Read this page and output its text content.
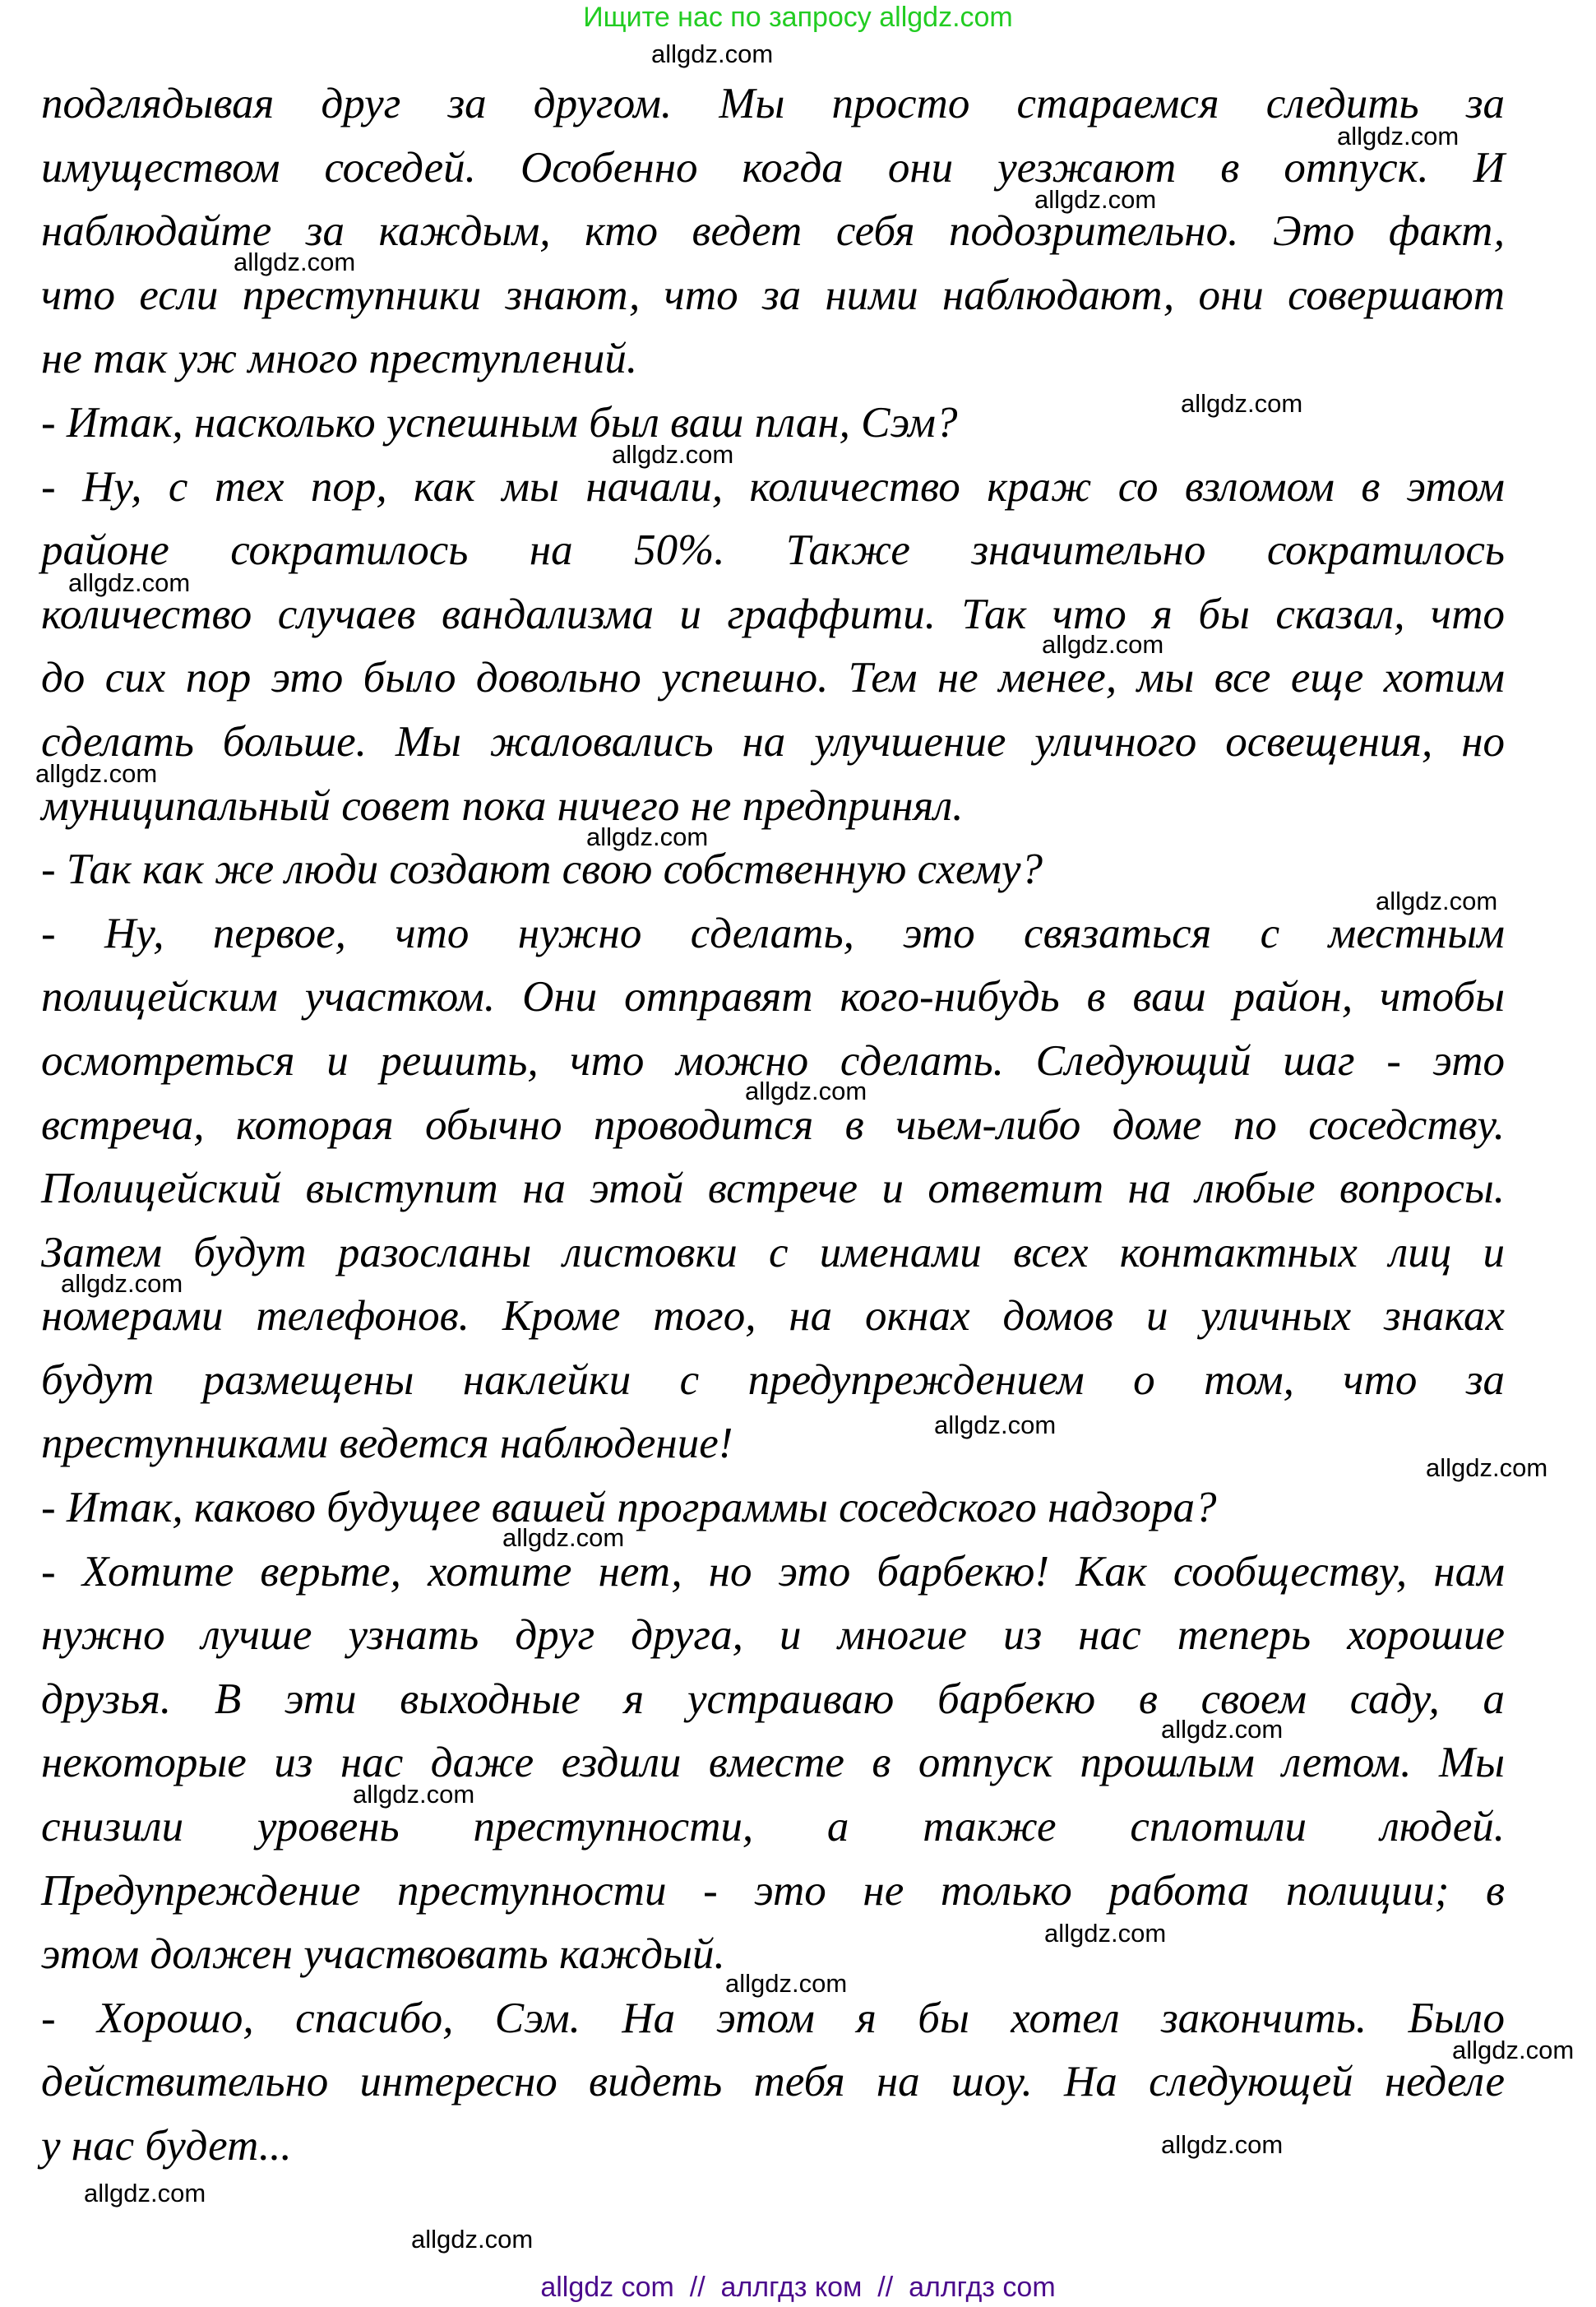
Ищите нас по запросу allgdz.com
подглядывая друг за другом. Мы просто стараемся следить за
имуществом соседей. Особенно когда они уезжают в отпуск. И
наблюдайте за каждым, кто ведет себя подозрительно. Это факт,
что если преступники знают, что за ними наблюдают, они совершают
не так уж много преступлений.
- Итак, насколько успешным был ваш план, Сэм?
- Ну, с тех пор, как мы начали, количество краж со взломом в этом
районе сократилось на 50%. Также значительно сократилось
количество случаев вандализма и граффити. Так что я бы сказал, что
до сих пор это было довольно успешно. Тем не менее, мы все еще хотим
сделать больше. Мы жаловались на улучшение уличного освещения, но
муниципальный совет пока ничего не предпринял.
- Так как же люди создают свою собственную схему?
- Ну, первое, что нужно сделать, это связаться с местным
полицейским участком. Они отправят кого-нибудь в ваш район, чтобы
осмотреться и решить, что можно сделать. Следующий шаг - это
встреча, которая обычно проводится в чьем-либо доме по соседству.
Полицейский выступит на этой встрече и ответит на любые вопросы.
Затем будут разосланы листовки с именами всех контактных лиц и
номерами телефонов. Кроме того, на окнах домов и уличных знаках
будут размещены наклейки с предупреждением о том, что за
преступниками ведется наблюдение!
- Итак, каково будущее вашей программы соседского надзора?
- Хотите верьте, хотите нет, но это барбекю! Как сообществу, нам
нужно лучше узнать друг друга, и многие из нас теперь хорошие
друзья. В эти выходные я устраиваю барбекю в своем саду, а
некоторые из нас даже ездили вместе в отпуск прошлым летом. Мы
снизили уровень преступности, а также сплотили людей.
Предупреждение преступности - это не только работа полиции; в
этом должен участвовать каждый.
- Хорошо, спасибо, Сэм. На этом я бы хотел закончить. Было
действительно интересно видеть тебя на шоу. На следующей неделе
у нас будет...
allgdz.com
allgdz.com
allgdz.com
allgdz.com
allgdz.com
allgdz.com
allgdz.com
allgdz.com
allgdz.com
allgdz.com
allgdz.com
allgdz.com
allgdz.com
allgdz.com
allgdz.com
allgdz.com
allgdz.com
allgdz.com
allgdz.com
allgdz.com
allgdz.com
allgdz.com
allgdz.com
allgdz.com
allgdz com  //  аллгдз ком  //  аллгдз com
